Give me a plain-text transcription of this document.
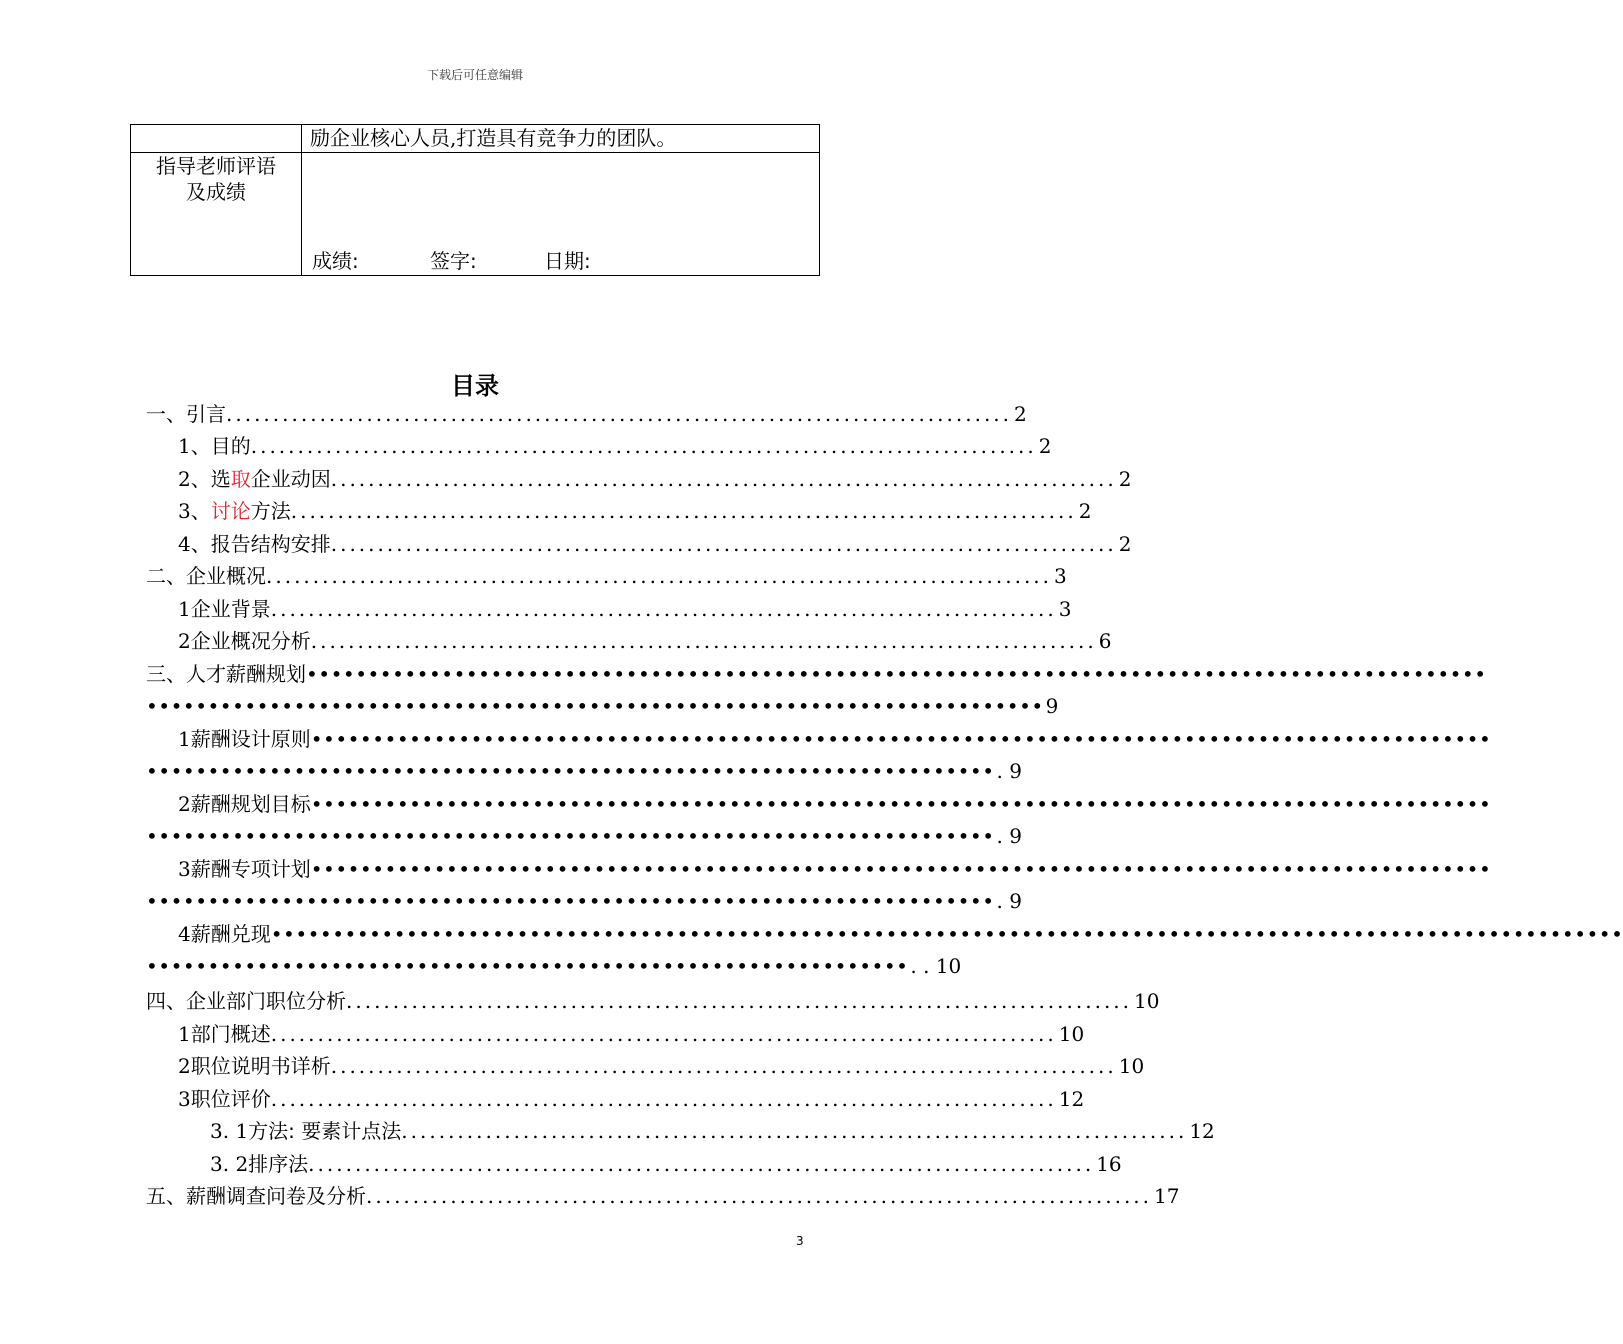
下载后可任意编辑

	励企业核心人员,打造具有竞争力的团队。

指导老师评语
及成绩	成绩: 签字: 日期:
目录
一、 引言 .................................................................................... 2
1、 目的 .................................................................................... 2
2、 选取企业动因 .................................................................................... 2
3、 讨论方法 .................................................................................... 2
4、 报告结构安排 .................................................................................... 2
二、 企业概况 .................................................................................... 3
1 企业背景 .................................................................................... 3
2 企业概况分析 .................................................................................... 6
三、 人才薪酬规划 ••••••••••••••••••••••••••••••••••••••••••••••••••••••••••••••••••••••••••••••••••••••••••••••••
••••••••••••••••••••••••••••••••••••••••••••••••••••••••••••••••••••••••• 9
1 薪酬设计原则 ••••••••••••••••••••••••••••••••••••••••••••••••••••••••••••••••••••••••••••••••••••••••••••••••
••••••••••••••••••••••••••••••••••••••••••••••••••••••••••••••••••••• . 9
2 薪酬规划目标 ••••••••••••••••••••••••••••••••••••••••••••••••••••••••••••••••••••••••••••••••••••••••••••••••
••••••••••••••••••••••••••••••••••••••••••••••••••••••••••••••••••••• . 9
3 薪酬专项计划 ••••••••••••••••••••••••••••••••••••••••••••••••••••••••••••••••••••••••••••••••••••••••••••••••
••••••••••••••••••••••••••••••••••••••••••••••••••••••••••••••••••••• . 9
4 薪酬兑现 ••••••••••••••••••••••••••••••••••••••••••••••••••••••••••••••••••••••••••••••••••••••••••••••••••••••••••••••
•••••••••••••••••••••••••••••••••••••••••••••••••••••••••••••• . . 10
四、 企业部门职位分析 .................................................................................... 10
1 部门概述 .................................................................................... 10
2 职位说明书详析 .................................................................................... 10
3 职位评价 .................................................................................... 12
3. 1 方法: 要素计点法 .................................................................................... 12
3. 2 排序法 .................................................................................... 16
五、 薪酬调查问卷及分析 .................................................................................... 17
3
